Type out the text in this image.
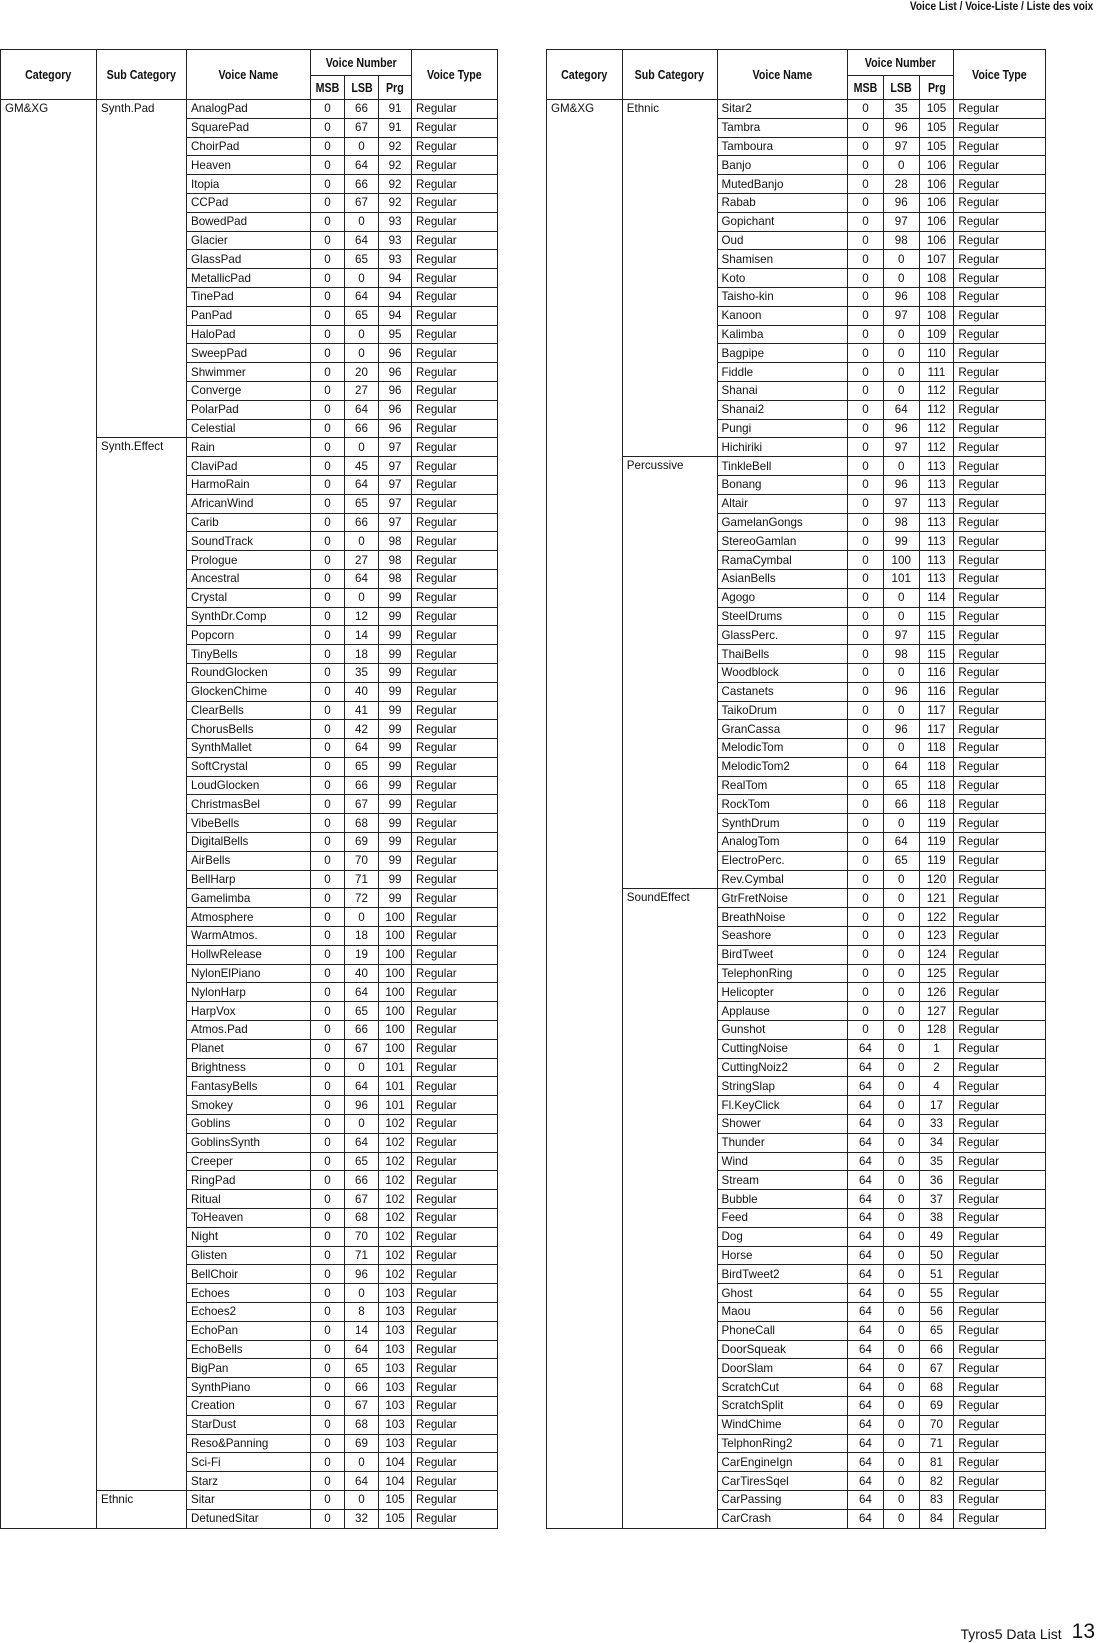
Voice List / Voice-Liste / Liste des voix
Category	Sub Category	Voice Name	Voice Number			Voice Type
			MSB	LSB	Prg	
GM&XG	Synth.Pad	AnalogPad	0	66	91	Regular
		SquarePad	0	67	91	Regular
		ChoirPad	0	0	92	Regular
		Heaven	0	64	92	Regular
		Itopia	0	66	92	Regular
		CCPad	0	67	92	Regular
		BowedPad	0	0	93	Regular
		Glacier	0	64	93	Regular
		GlassPad	0	65	93	Regular
		MetallicPad	0	0	94	Regular
		TinePad	0	64	94	Regular
		PanPad	0	65	94	Regular
		HaloPad	0	0	95	Regular
		SweepPad	0	0	96	Regular
		Shwimmer	0	20	96	Regular
		Converge	0	27	96	Regular
		PolarPad	0	64	96	Regular
		Celestial	0	66	96	Regular
	Synth.Effect	Rain	0	0	97	Regular
		ClaviPad	0	45	97	Regular
		HarmoRain	0	64	97	Regular
		AfricanWind	0	65	97	Regular
		Carib	0	66	97	Regular
		SoundTrack	0	0	98	Regular
		Prologue	0	27	98	Regular
		Ancestral	0	64	98	Regular
		Crystal	0	0	99	Regular
		SynthDr.Comp	0	12	99	Regular
		Popcorn	0	14	99	Regular
		TinyBells	0	18	99	Regular
		RoundGlocken	0	35	99	Regular
		GlockenChime	0	40	99	Regular
		ClearBells	0	41	99	Regular
		ChorusBells	0	42	99	Regular
		SynthMallet	0	64	99	Regular
		SoftCrystal	0	65	99	Regular
		LoudGlocken	0	66	99	Regular
		ChristmasBel	0	67	99	Regular
		VibeBells	0	68	99	Regular
		DigitalBells	0	69	99	Regular
		AirBells	0	70	99	Regular
		BellHarp	0	71	99	Regular
		Gamelimba	0	72	99	Regular
		Atmosphere	0	0	100	Regular
		WarmAtmos.	0	18	100	Regular
		HollwRelease	0	19	100	Regular
		NylonElPiano	0	40	100	Regular
		NylonHarp	0	64	100	Regular
		HarpVox	0	65	100	Regular
		Atmos.Pad	0	66	100	Regular
		Planet	0	67	100	Regular
		Brightness	0	0	101	Regular
		FantasyBells	0	64	101	Regular
		Smokey	0	96	101	Regular
		Goblins	0	0	102	Regular
		GoblinsSynth	0	64	102	Regular
		Creeper	0	65	102	Regular
		RingPad	0	66	102	Regular
		Ritual	0	67	102	Regular
		ToHeaven	0	68	102	Regular
		Night	0	70	102	Regular
		Glisten	0	71	102	Regular
		BellChoir	0	96	102	Regular
		Echoes	0	0	103	Regular
		Echoes2	0	8	103	Regular
		EchoPan	0	14	103	Regular
		EchoBells	0	64	103	Regular
		BigPan	0	65	103	Regular
		SynthPiano	0	66	103	Regular
		Creation	0	67	103	Regular
		StarDust	0	68	103	Regular
		Reso&Panning	0	69	103	Regular
		Sci-Fi	0	0	104	Regular
		Starz	0	64	104	Regular
	Ethnic	Sitar	0	0	105	Regular
		DetunedSitar	0	32	105	Regular
Category	Sub Category	Voice Name	Voice Number			Voice Type
			MSB	LSB	Prg	
GM&XG	Ethnic	Sitar2	0	35	105	Regular
		Tambra	0	96	105	Regular
		Tamboura	0	97	105	Regular
		Banjo	0	0	106	Regular
		MutedBanjo	0	28	106	Regular
		Rabab	0	96	106	Regular
		Gopichant	0	97	106	Regular
		Oud	0	98	106	Regular
		Shamisen	0	0	107	Regular
		Koto	0	0	108	Regular
		Taisho-kin	0	96	108	Regular
		Kanoon	0	97	108	Regular
		Kalimba	0	0	109	Regular
		Bagpipe	0	0	110	Regular
		Fiddle	0	0	111	Regular
		Shanai	0	0	112	Regular
		Shanai2	0	64	112	Regular
		Pungi	0	96	112	Regular
		Hichiriki	0	97	112	Regular
	Percussive	TinkleBell	0	0	113	Regular
		Bonang	0	96	113	Regular
		Altair	0	97	113	Regular
		GamelanGongs	0	98	113	Regular
		StereoGamlan	0	99	113	Regular
		RamaCymbal	0	100	113	Regular
		AsianBells	0	101	113	Regular
		Agogo	0	0	114	Regular
		SteelDrums	0	0	115	Regular
		GlassPerc.	0	97	115	Regular
		ThaiBells	0	98	115	Regular
		Woodblock	0	0	116	Regular
		Castanets	0	96	116	Regular
		TaikoDrum	0	0	117	Regular
		GranCassa	0	96	117	Regular
		MelodicTom	0	0	118	Regular
		MelodicTom2	0	64	118	Regular
		RealTom	0	65	118	Regular
		RockTom	0	66	118	Regular
		SynthDrum	0	0	119	Regular
		AnalogTom	0	64	119	Regular
		ElectroPerc.	0	65	119	Regular
		Rev.Cymbal	0	0	120	Regular
	SoundEffect	GtrFretNoise	0	0	121	Regular
		BreathNoise	0	0	122	Regular
		Seashore	0	0	123	Regular
		BirdTweet	0	0	124	Regular
		TelephonRing	0	0	125	Regular
		Helicopter	0	0	126	Regular
		Applause	0	0	127	Regular
		Gunshot	0	0	128	Regular
		CuttingNoise	64	0	1	Regular
		CuttingNoiz2	64	0	2	Regular
		StringSlap	64	0	4	Regular
		Fl.KeyClick	64	0	17	Regular
		Shower	64	0	33	Regular
		Thunder	64	0	34	Regular
		Wind	64	0	35	Regular
		Stream	64	0	36	Regular
		Bubble	64	0	37	Regular
		Feed	64	0	38	Regular
		Dog	64	0	49	Regular
		Horse	64	0	50	Regular
		BirdTweet2	64	0	51	Regular
		Ghost	64	0	55	Regular
		Maou	64	0	56	Regular
		PhoneCall	64	0	65	Regular
		DoorSqueak	64	0	66	Regular
		DoorSlam	64	0	67	Regular
		ScratchCut	64	0	68	Regular
		ScratchSplit	64	0	69	Regular
		WindChime	64	0	70	Regular
		TelphonRing2	64	0	71	Regular
		CarEngineIgn	64	0	81	Regular
		CarTiresSqel	64	0	82	Regular
		CarPassing	64	0	83	Regular
		CarCrash	64	0	84	Regular
Tyros5 Data List 13
